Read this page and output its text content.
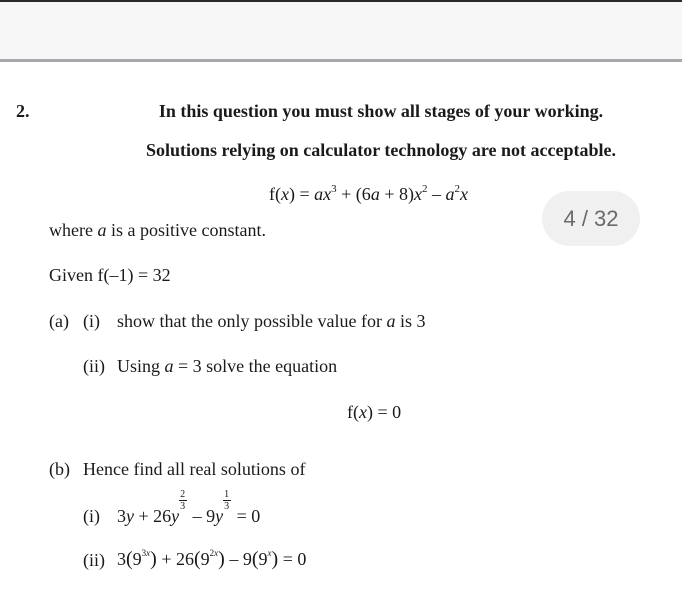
2.	In this question you must show all stages of your working.
Solutions relying on calculator technology are not acceptable.
$f(x) = ax^3 + (6a + 8)x^2 - a^2x$
4 / 32
where a is a positive constant.
Given f(–1) = 32
(a) (i) show that the only possible value for a is 3
(ii) Using a = 3 solve the equation
f(x) = 0
(b) Hence find all real solutions of
(i) $3y + 26y \frac{2}{3} - 9y \frac{1}{3} = 0$
(ii) $3(9^{3x}) + 26(9^{2x}) - 9(9^x) = 0$
